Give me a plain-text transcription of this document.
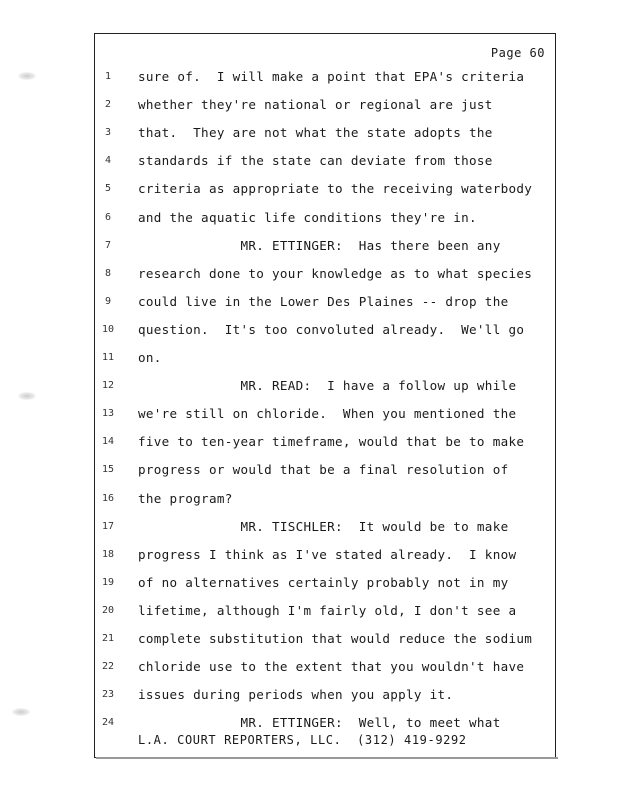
Page 60
1	sure of.  I will make a point that EPA's criteria
2	whether they're national or regional are just
3	that.  They are not what the state adopts the
4	standards if the state can deviate from those
5	criteria as appropriate to the receiving waterbody
6	and the aquatic life conditions they're in.
7	MR. ETTINGER:  Has there been any
8	research done to your knowledge as to what species
9	could live in the Lower Des Plaines -- drop the
10 question.  It's too convoluted already.  We'll go
11 on.
12 MR. READ:  I have a follow up while
13 we're still on chloride.  When you mentioned the
14 five to ten-year timeframe, would that be to make
15 progress or would that be a final resolution of
16 the program?
17 MR. TISCHLER:  It would be to make
18 progress I think as I've stated already.  I know
19 of no alternatives certainly probably not in my
20 lifetime, although I'm fairly old, I don't see a
21 complete substitution that would reduce the sodium
22 chloride use to the extent that you wouldn't have
23 issues during periods when you apply it.
24 MR. ETTINGER:  Well, to meet what
L.A. COURT REPORTERS, LLC.  (312) 419-9292
